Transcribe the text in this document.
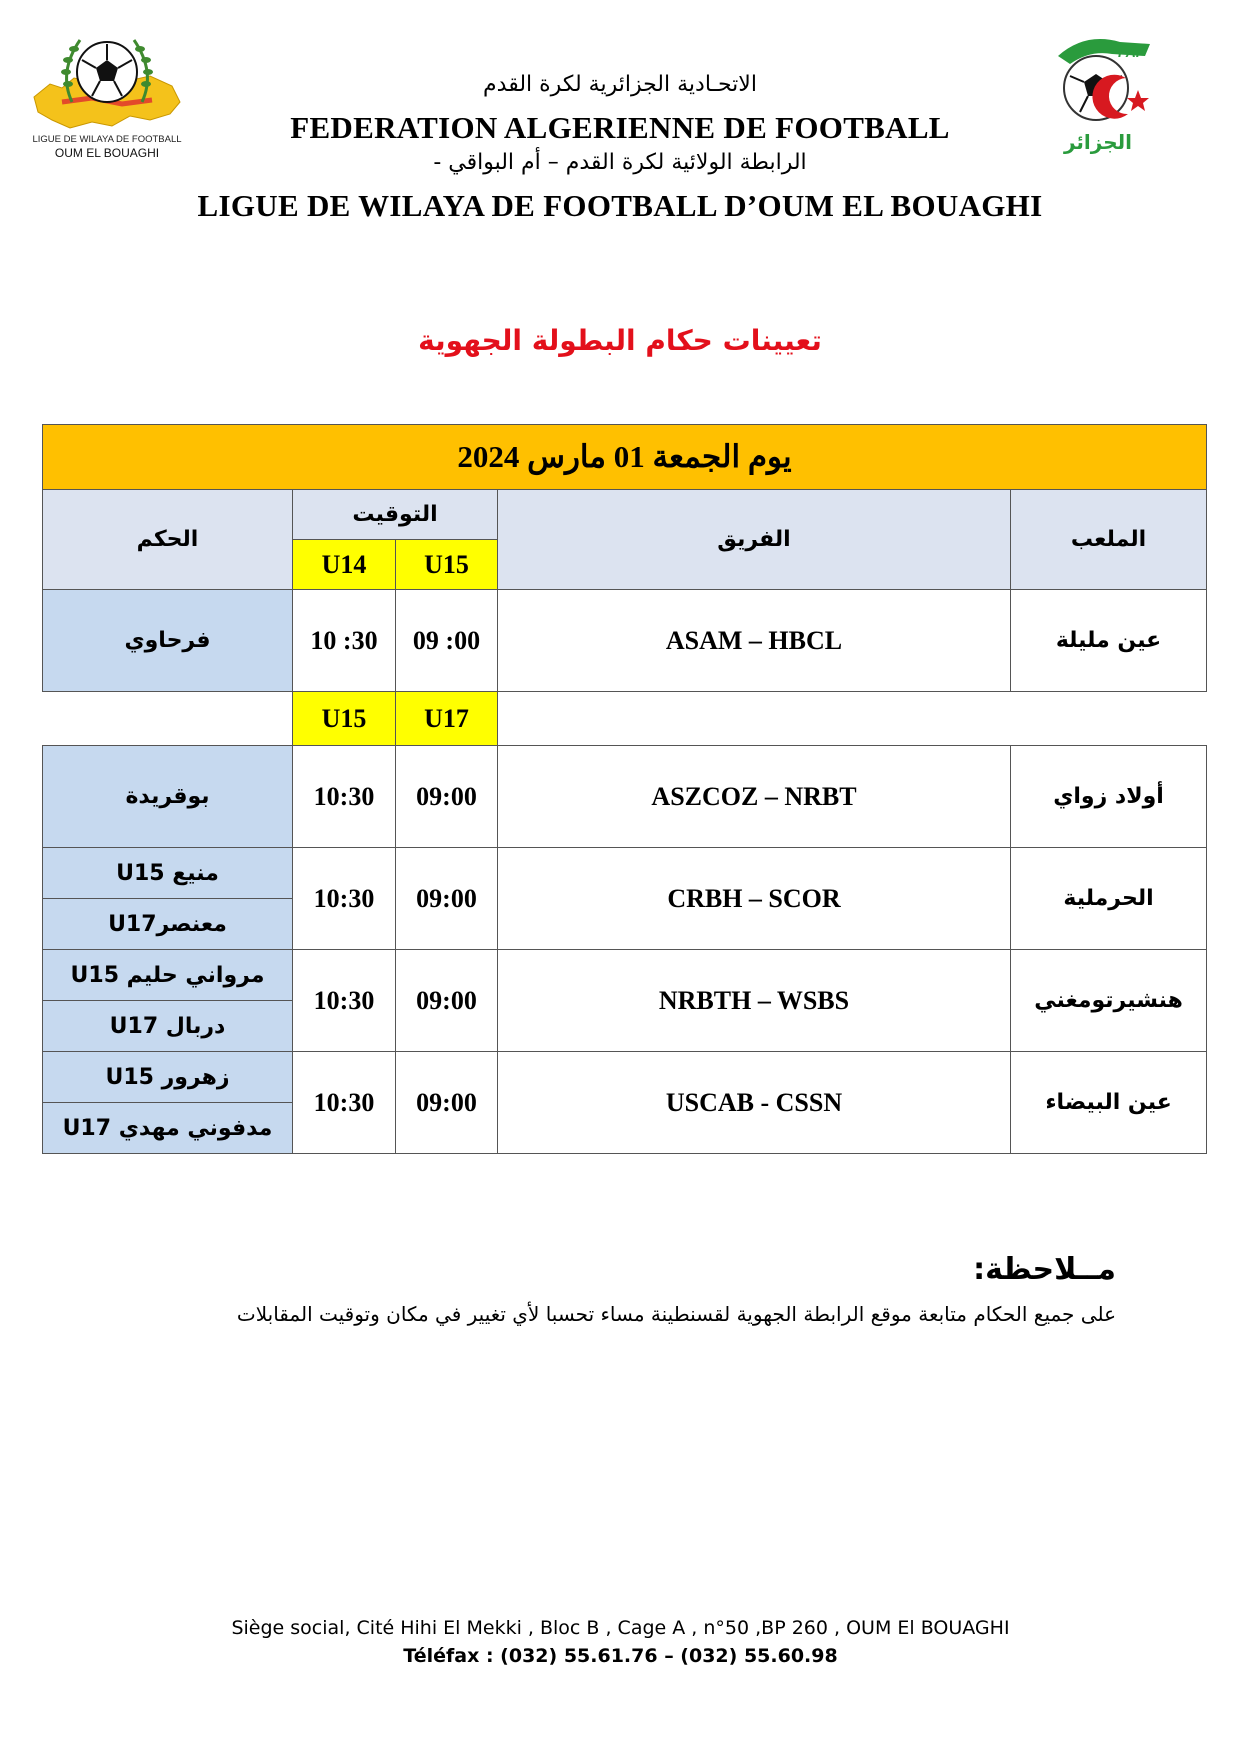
LIGUE DE WILAYA DE FOOTBALL
OUM EL BOUAGHI
FAF
الجزائر
الاتحـادية الجزائرية لكرة القدم
FEDERATION ALGERIENNE DE FOOTBALL
الرابطة الولائية لكرة القدم – أم البواقي -
LIGUE DE WILAYA DE FOOTBALL D’OUM EL BOUAGHI
تعيينات حكام البطولة الجهوية
يوم الجمعة 01 مارس 2024				
الحكم	التوقيت		الفريق	الملعب
	U14	U15		
فرحاوي	10 :30	09 :00	ASAM – HBCL	عين مليلة
	U15	U17		
بوقريدة	10:30	09:00	ASZCOZ – NRBT	أولاد زواي
منيع U15	10:30	09:00	CRBH – SCOR	الحرملية
معنصرU17				
مرواني حليم U15	10:30	09:00	NRBTH – WSBS	هنشيرتومغني
دربال U17				
زهرور U15	10:30	09:00	USCAB - CSSN	عين البيضاء
مدفوني مهدي U17				
مــلاحظة:
على جميع الحكام متابعة موقع الرابطة الجهوية لقسنطينة مساء تحسبا لأي تغيير في مكان وتوقيت المقابلات
Siège social, Cité Hihi El Mekki , Bloc B , Cage A , n°50 ,BP 260 , OUM El BOUAGHI
Téléfax : (032) 55.61.76 – (032) 55.60.98
